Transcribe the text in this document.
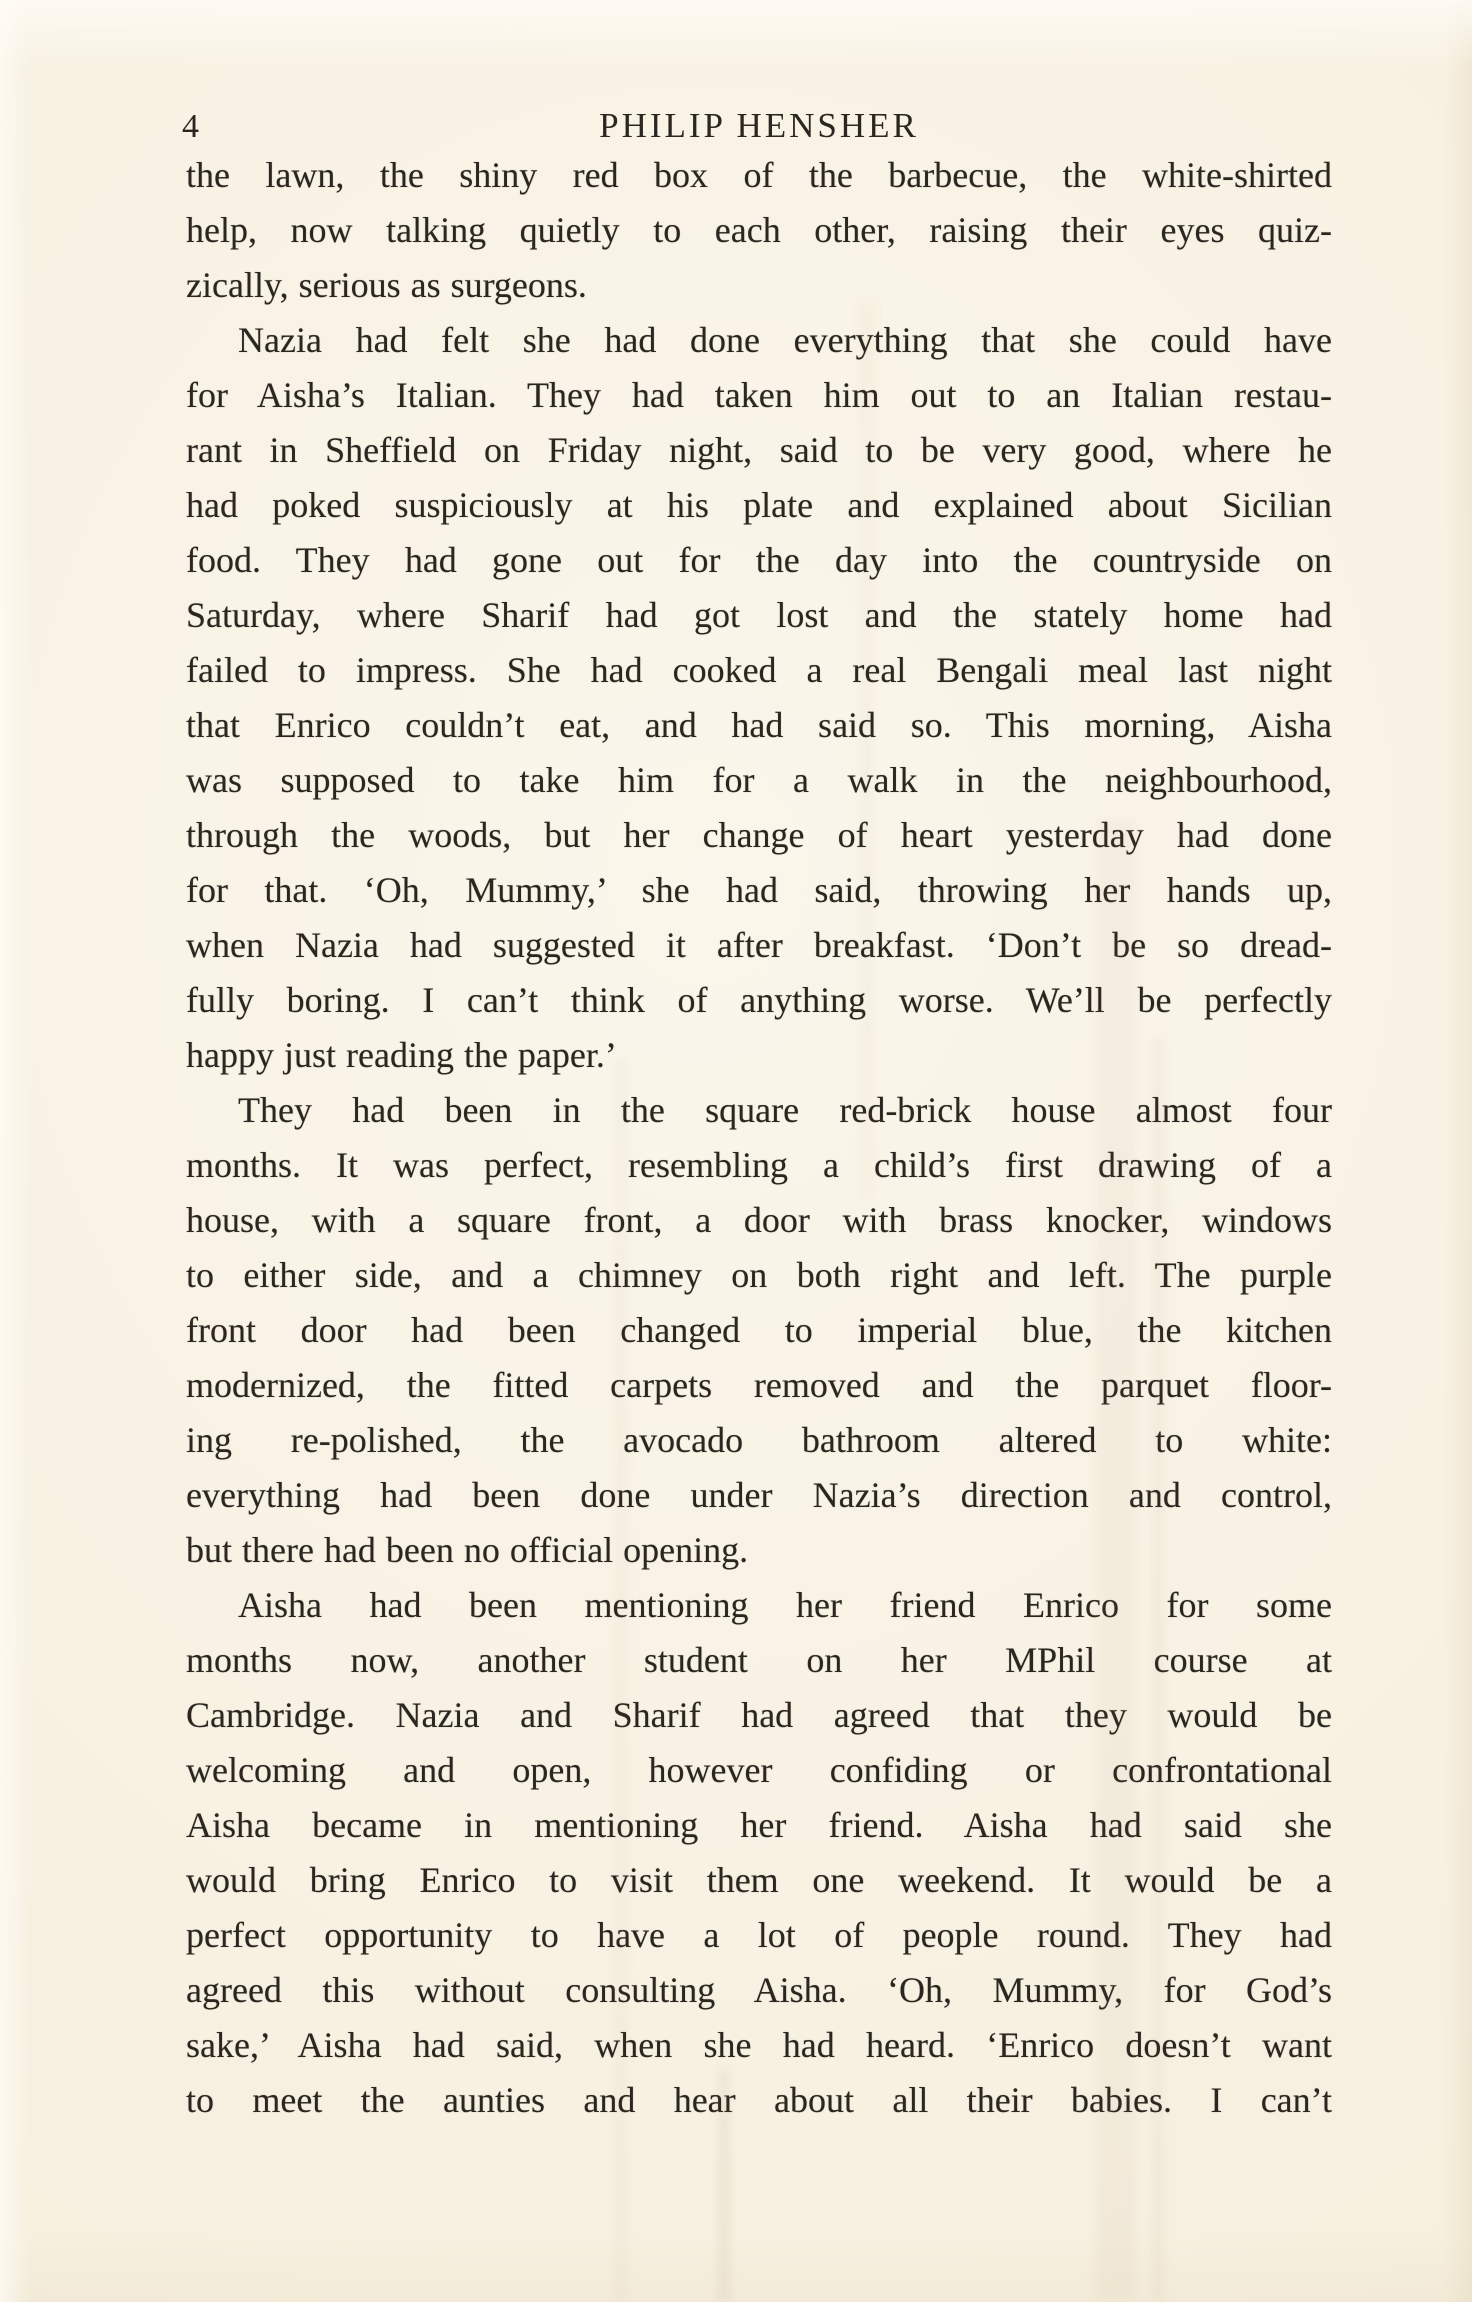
4	PHILIP HENSHER
the lawn, the shiny red box of the barbecue, the white-shirted
help, now talking quietly to each other, raising their eyes quiz-
zically, serious as surgeons.
Nazia had felt she had done everything that she could have
for Aisha’s Italian. They had taken him out to an Italian restau-
rant in Sheffield on Friday night, said to be very good, where he
had poked suspiciously at his plate and explained about Sicilian
food. They had gone out for the day into the countryside on
Saturday, where Sharif had got lost and the stately home had
failed to impress. She had cooked a real Bengali meal last night
that Enrico couldn’t eat, and had said so. This morning, Aisha
was supposed to take him for a walk in the neighbourhood,
through the woods, but her change of heart yesterday had done
for that. ‘Oh, Mummy,’ she had said, throwing her hands up,
when Nazia had suggested it after breakfast. ‘Don’t be so dread-
fully boring. I can’t think of anything worse. We’ll be perfectly
happy just reading the paper.’
They had been in the square red-brick house almost four
months. It was perfect, resembling a child’s first drawing of a
house, with a square front, a door with brass knocker, windows
to either side, and a chimney on both right and left. The purple
front door had been changed to imperial blue, the kitchen
modernized, the fitted carpets removed and the parquet floor-
ing re-polished, the avocado bathroom altered to white:
everything had been done under Nazia’s direction and control,
but there had been no official opening.
Aisha had been mentioning her friend Enrico for some
months now, another student on her MPhil course at
Cambridge. Nazia and Sharif had agreed that they would be
welcoming and open, however confiding or confrontational
Aisha became in mentioning her friend. Aisha had said she
would bring Enrico to visit them one weekend. It would be a
perfect opportunity to have a lot of people round. They had
agreed this without consulting Aisha. ‘Oh, Mummy, for God’s
sake,’ Aisha had said, when she had heard. ‘Enrico doesn’t want
to meet the aunties and hear about all their babies. I can’t
